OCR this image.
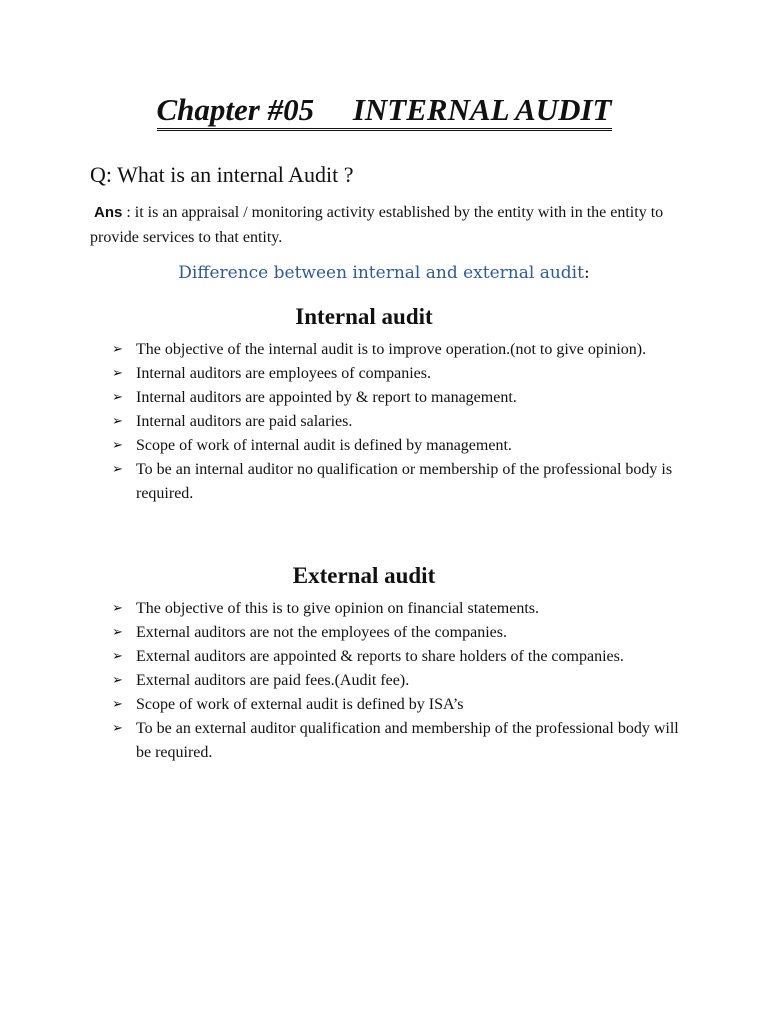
Chapter #05     INTERNAL AUDIT
Q: What is an internal Audit ?
Ans : it is an appraisal / monitoring activity established by the entity with in the entity to provide services to that entity.
Difference between internal and external audit:
Internal audit
➢ The objective of the internal audit is to improve operation.(not to give opinion).
➢ Internal auditors are employees of companies.
➢ Internal auditors are appointed by & report to management.
➢ Internal auditors are paid salaries.
➢ Scope of work of internal audit is defined by management.
➢ To be an internal auditor no qualification or membership of the professional body is required.
External audit
➢ The objective of this is to give opinion on financial statements.
➢ External auditors are not the employees of the companies.
➢ External auditors are appointed & reports to share holders of the companies.
➢ External auditors are paid fees.(Audit fee).
➢ Scope of work of external audit is defined by ISA’s
➢ To be an external auditor qualification and membership of the professional body will be required.
